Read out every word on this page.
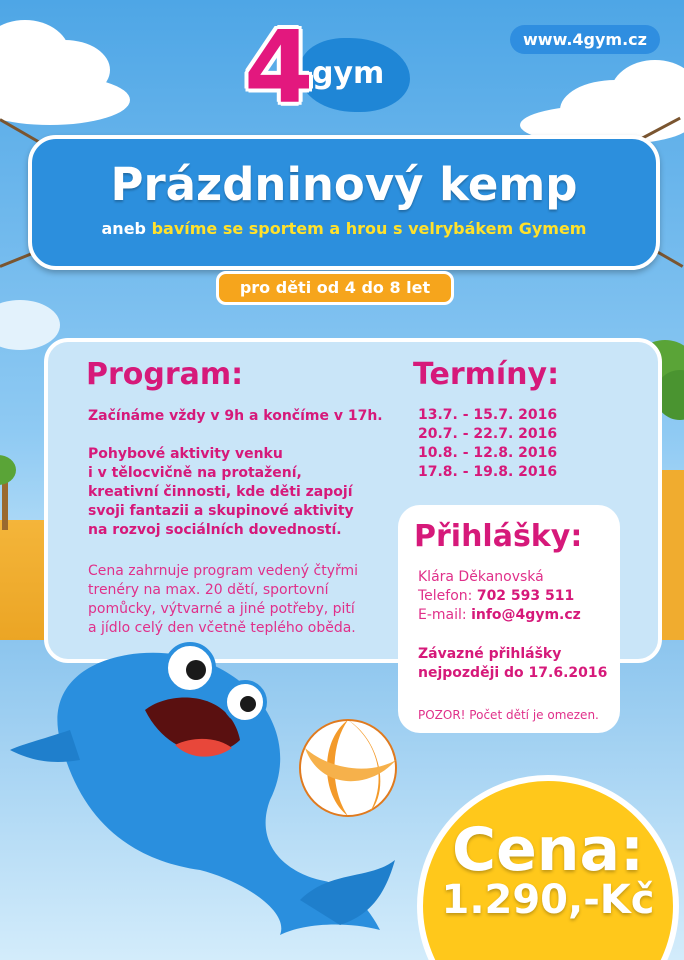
www.4gym.cz
4
gym
Prázdninový kemp
aneb bavíme se sportem a hrou s velrybákem Gymem
pro děti od 4 do 8 let
Program:
Začínáme vždy v 9h a končíme v 17h.
Pohybové aktivity venku
i v tělocvičně na protažení,
kreativní činnosti, kde děti zapojí
svoji fantazii a skupinové aktivity
na rozvoj sociálních dovedností.
Cena zahrnuje program vedený čtyřmi
trenéry na max. 20 dětí, sportovní
pomůcky, výtvarné a jiné potřeby, pití
a jídlo celý den včetně teplého oběda.
Termíny:
13.7. - 15.7. 2016
20.7. - 22.7. 2016
10.8. - 12.8. 2016
17.8. - 19.8. 2016
Přihlášky:
Klára Děkanovská
Telefon: 702 593 511
E-mail: info@4gym.cz
Závazné přihlášky
nejpozději do 17.6.2016
POZOR! Počet dětí je omezen.
Cena:
1.290,-Kč
